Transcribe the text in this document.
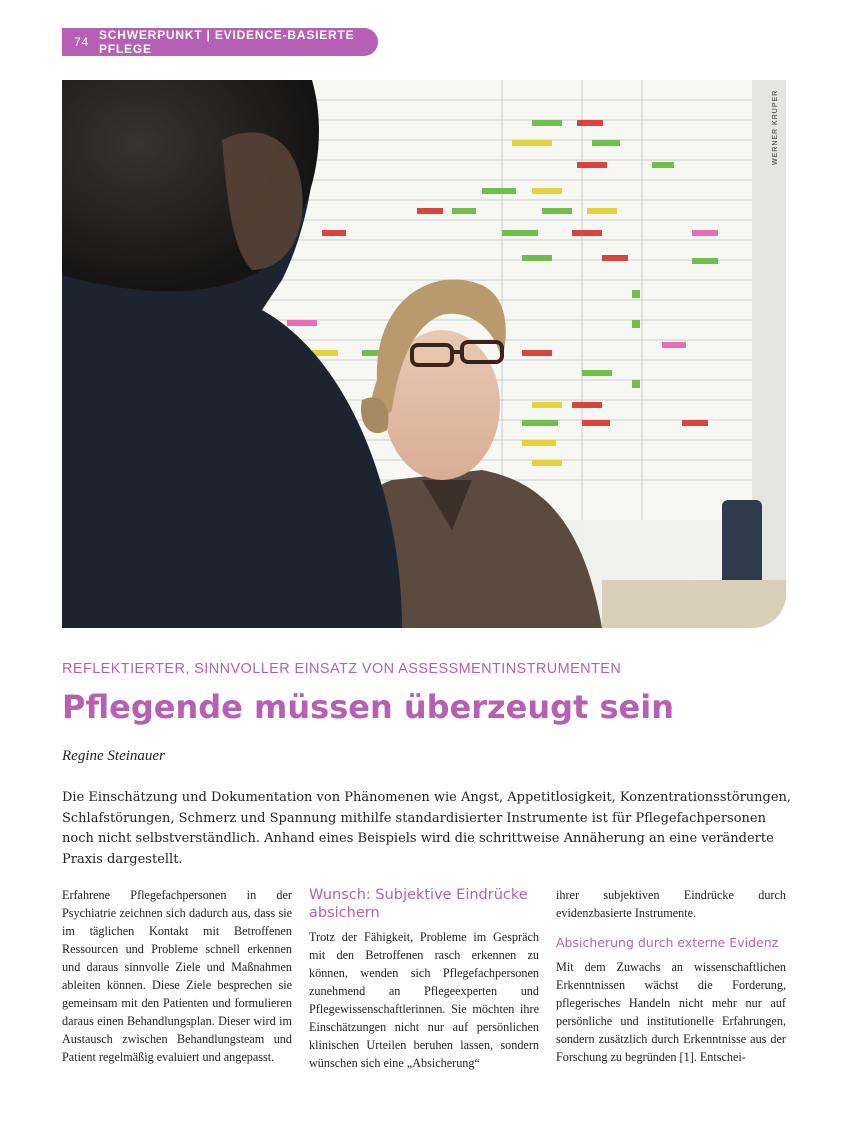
74 SCHWERPUNKT | EVIDENCE-BASIERTE PFLEGE
WERNER KRÜPER
REFLEKTIERTER, SINNVOLLER EINSATZ VON ASSESSMENTINSTRUMENTEN
Pflegende müssen überzeugt sein
Regine Steinauer
Die Einschätzung und Dokumentation von Phänomenen wie Angst, Appetitlosigkeit, Konzentrationsstörungen, Schlafstörungen, Schmerz und Spannung mithilfe standardisierter Instrumente ist für Pflegefachpersonen noch nicht selbstverständlich. Anhand eines Beispiels wird die schrittweise Annäherung an eine veränderte Praxis dargestellt.

Erfahrene Pflegefachpersonen in der Psychiatrie zeichnen sich dadurch aus, dass sie im täglichen Kontakt mit Betroffenen Ressourcen und Probleme schnell erkennen und daraus sinnvolle Ziele und Maßnahmen ableiten können. Diese Ziele besprechen sie gemeinsam mit den Patienten und formulieren daraus einen Behandlungsplan. Dieser wird im Austausch zwischen Behandlungsteam und Patient regelmäßig evaluiert und angepasst.

Wunsch: Subjektive Eindrücke absichern

Trotz der Fähigkeit, Probleme im Gespräch mit den Betroffenen rasch erkennen zu können, wenden sich Pflegefachpersonen zunehmend an Pflegeexperten und Pflegewissenschaftlerinnen. Sie möchten ihre Einschätzungen nicht nur auf persönlichen klinischen Urteilen beruhen lassen, sondern wünschen sich eine „Absicherung“

ihrer subjektiven Eindrücke durch evidenzbasierte Instrumente.

Absicherung durch externe Evidenz

Mit dem Zuwachs an wissenschaftlichen Erkenntnissen wächst die Forderung, pflegerisches Handeln nicht mehr nur auf persönliche und institutionelle Erfahrungen, sondern zusätzlich durch Erkenntnisse aus der Forschung zu begründen [1]. Entschei-
